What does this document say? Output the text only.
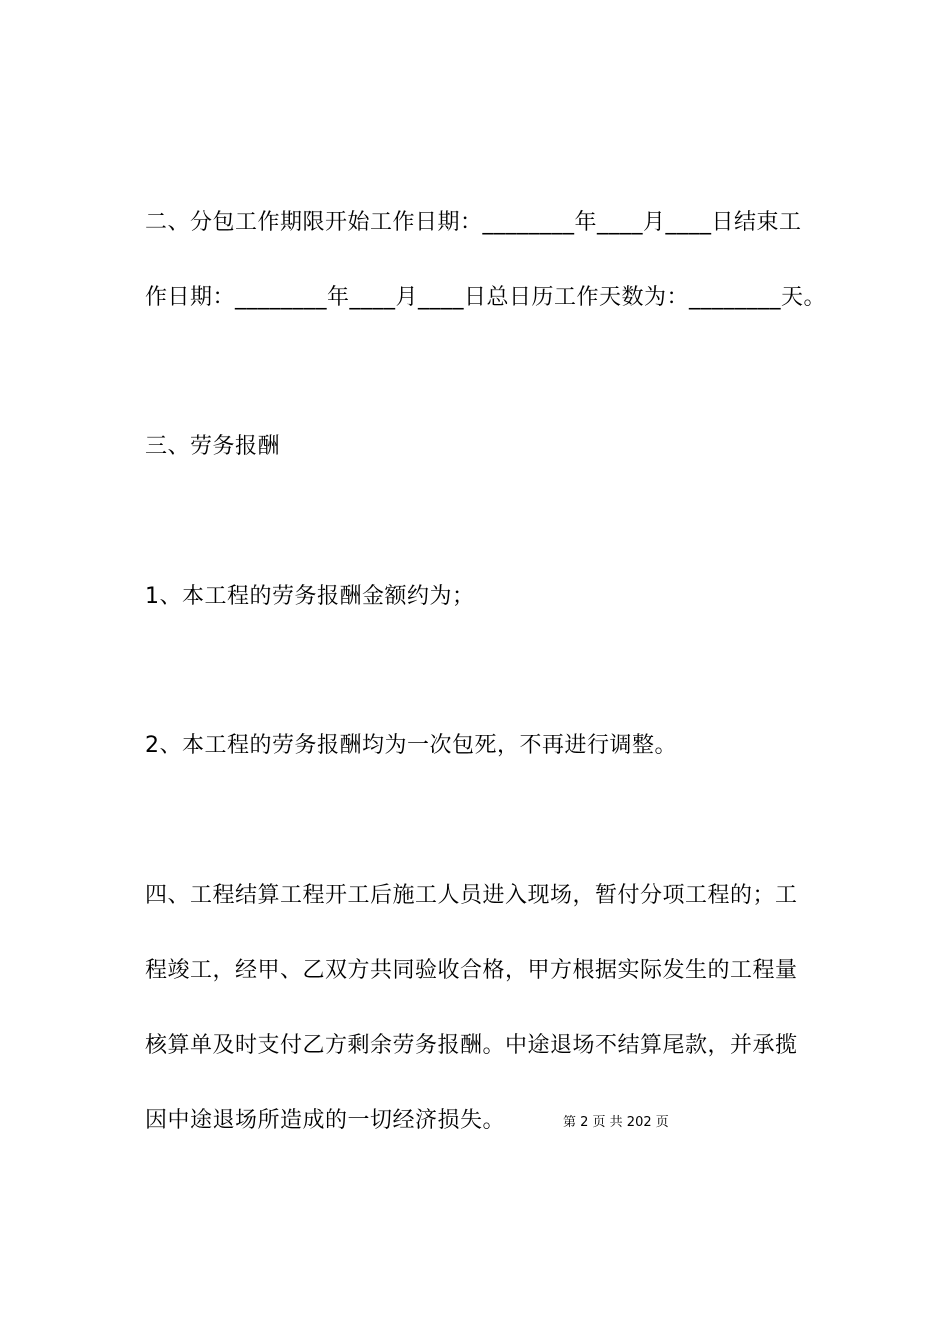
二、分包工作期限开始工作日期：________年____月____日结束工
作日期：________年____月____日总日历工作天数为：________天。
三、劳务报酬
1、本工程的劳务报酬金额约为；
2、本工程的劳务报酬均为一次包死，不再进行调整。
四、工程结算工程开工后施工人员进入现场，暂付分项工程的；工
程竣工，经甲、乙双方共同验收合格，甲方根据实际发生的工程量
核算单及时支付乙方剩余劳务报酬。中途退场不结算尾款，并承揽
因中途退场所造成的一切经济损失。	第 2 页 共 202 页
